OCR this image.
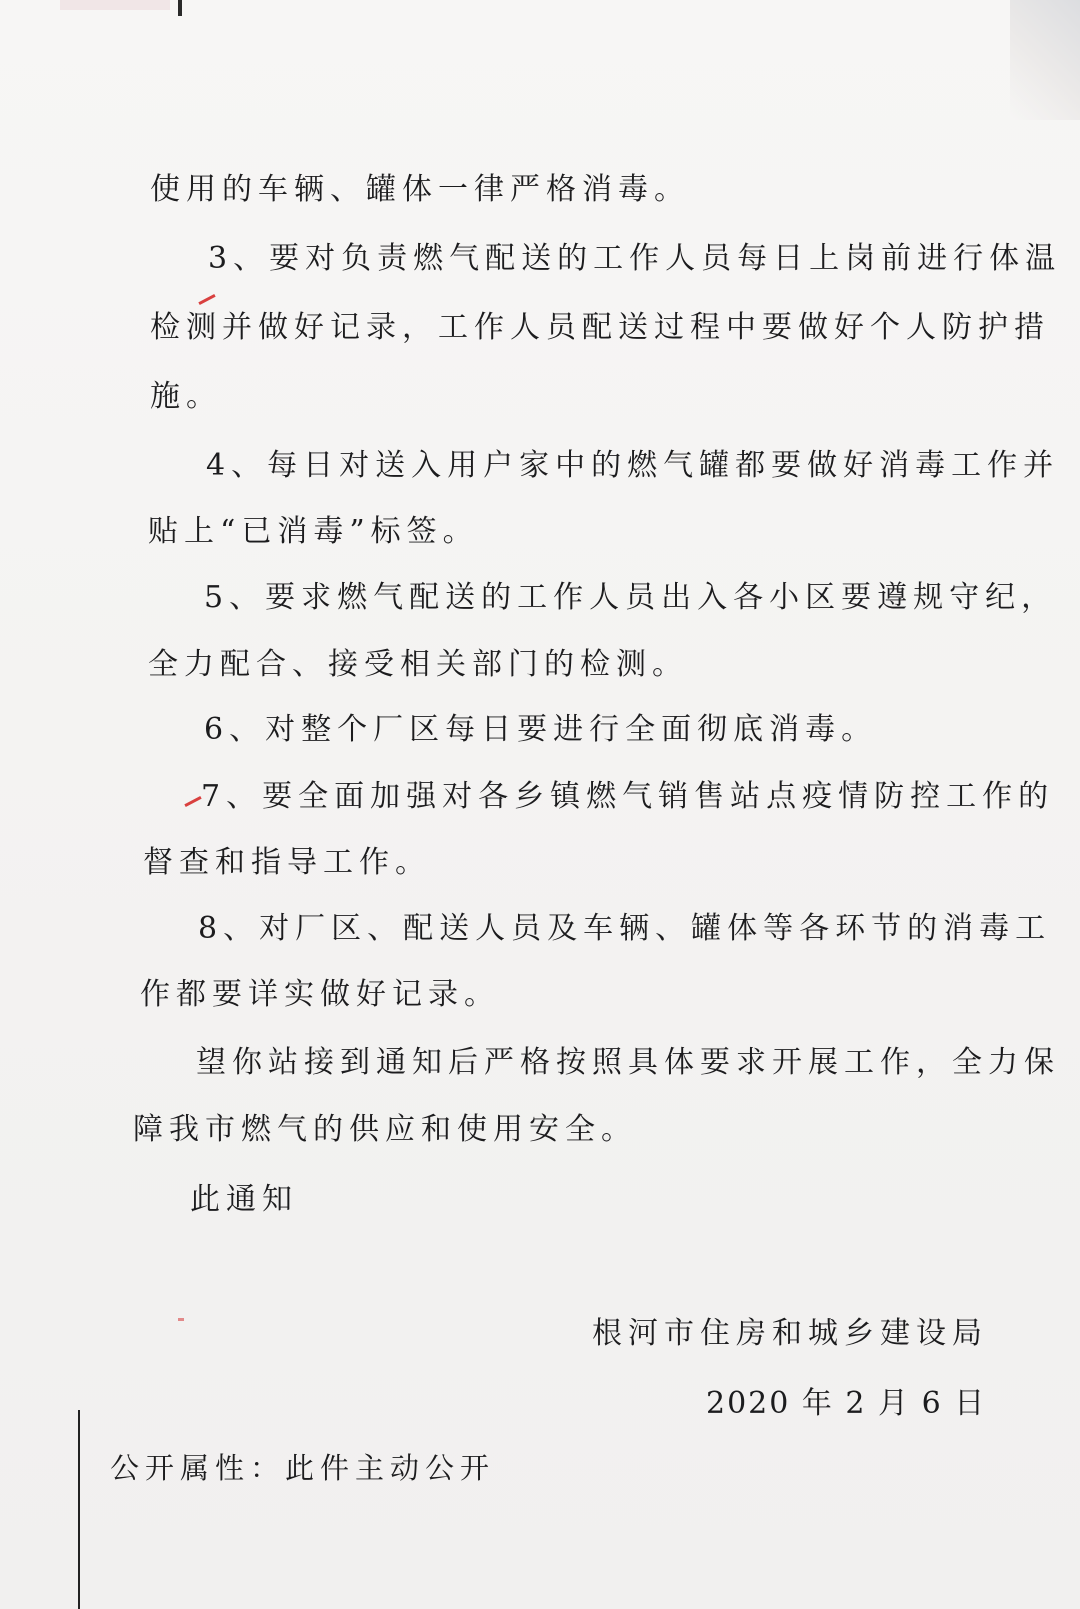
使用的车辆、罐体一律严格消毒。
3、要对负责燃气配送的工作人员每日上岗前进行体温
检测并做好记录，工作人员配送过程中要做好个人防护措
施。
4、每日对送入用户家中的燃气罐都要做好消毒工作并
贴上“已消毒”标签。
5、要求燃气配送的工作人员出入各小区要遵规守纪，
全力配合、接受相关部门的检测。
6、对整个厂区每日要进行全面彻底消毒。
7、要全面加强对各乡镇燃气销售站点疫情防控工作的
督查和指导工作。
8、对厂区、配送人员及车辆、罐体等各环节的消毒工
作都要详实做好记录。
望你站接到通知后严格按照具体要求开展工作，全力保
障我市燃气的供应和使用安全。
此通知
根河市住房和城乡建设局
2020 年 2 月 6 日
公开属性：此件主动公开
